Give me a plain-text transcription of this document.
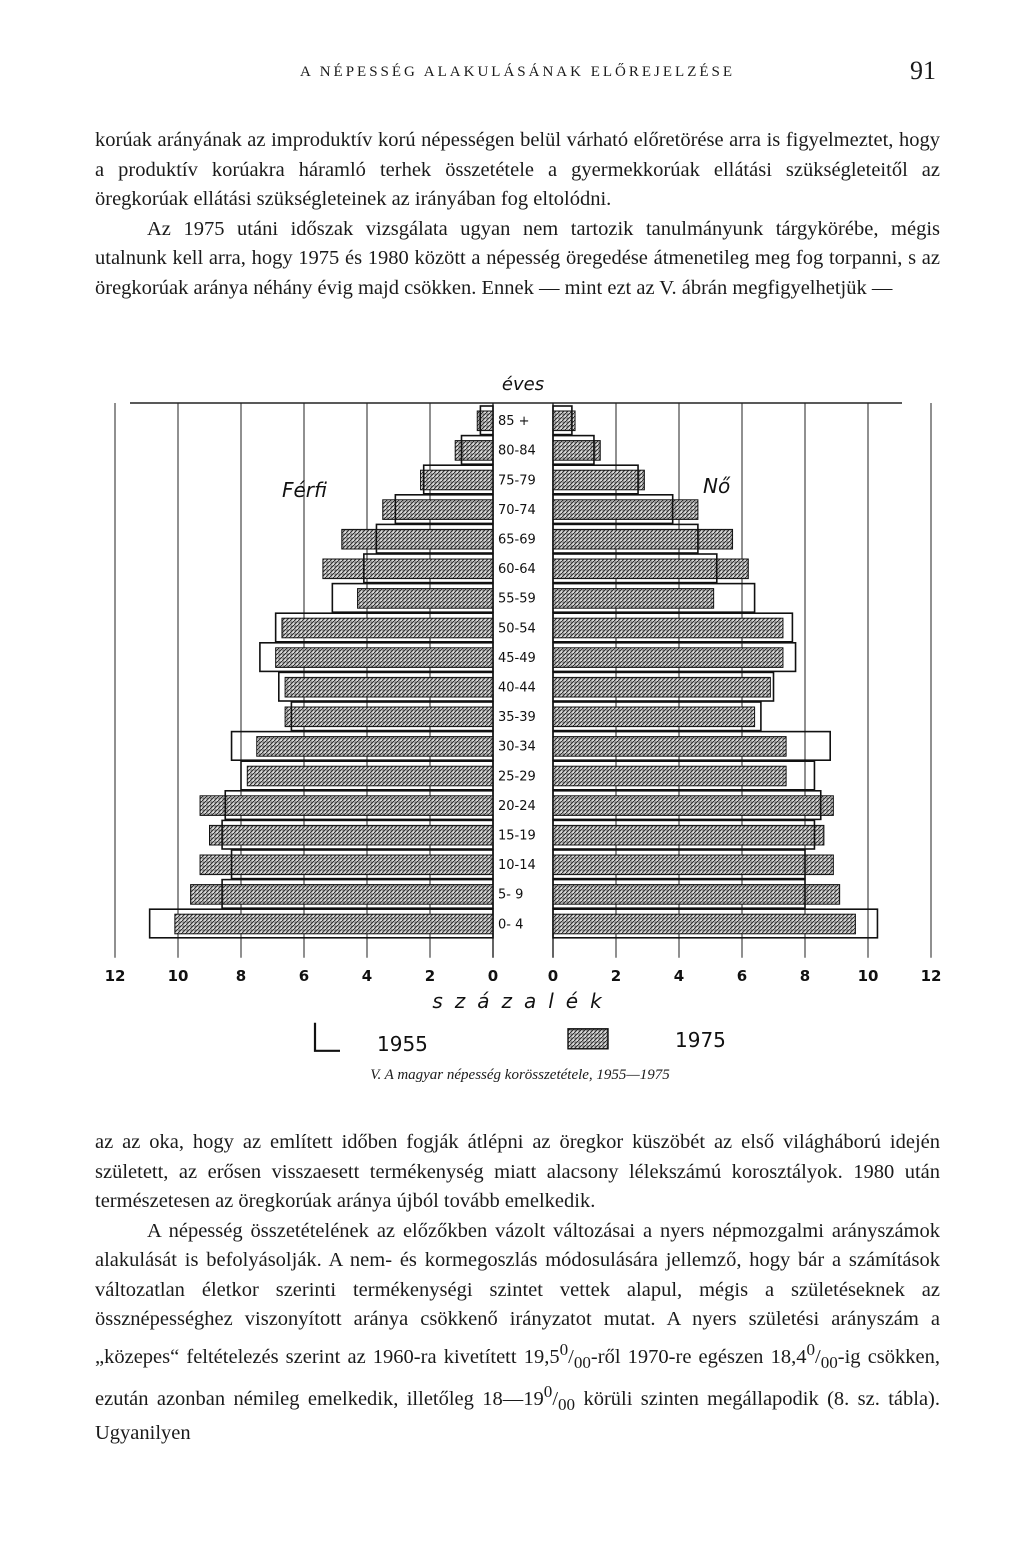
A NÉPESSÉG ALAKULÁSÁNAK ELŐREJELZÉSE	91

korúak arányának az improduktív korú népességen belül várható előretörése arra is figyelmeztet, hogy a produktív korúakra háramló terhek összetétele a gyermekkorúak ellátási szükségleteitől az öregkorúak ellátási szükségleteinek az irányában fog eltolódni.

Az 1975 utáni időszak vizsgálata ugyan nem tartozik tanulmányunk tárgykörébe, mégis utalnunk kell arra, hogy 1975 és 1980 között a népesség öregedése átmenetileg meg fog torpanni, s az öregkorúak aránya néhány évig majd csökken. Ennek — mint ezt az V. ábrán megfigyelhetjük —

85 +
80-84
75-79
70-74
65-69
60-64
55-59
50-54
45-49
40-44
35-39
30-34
25-29
20-24
15-19
10-14
5- 9
0- 4
éves
Férfi	Nő
12	10	8	6	4	2	0	0	2	4	6	8	10	12
százalék
1955	1975
V. A magyar népesség korösszetétele, 1955—1975

az az oka, hogy az említett időben fogják átlépni az öregkor küszöbét az első világháború idején született, az erősen visszaesett termékenység miatt alacsony lélekszámú korosztályok. 1980 után természetesen az öregkorúak aránya újból tovább emelkedik.

A népesség összetételének az előzőkben vázolt változásai a nyers népmozgalmi arányszámok alakulását is befolyásolják. A nem- és kormegoszlás módosulására jellemző, hogy bár a számítások változatlan életkor szerinti termékenységi szintet vettek alapul, mégis a születéseknek az össznépességhez viszonyított aránya csökkenő irányzatot mutat. A nyers születési arányszám a „közepes“ feltételezés szerint az 1960-ra kivetített $19,5^0/_{00}$-ről 1970-re egészen $18,4^0/_{00}-ig$ csökken, ezután azonban némileg emelkedik, illetőleg $18—19^0/_{00}$ körüli szinten megállapodik (8. sz. tábla). Ugyanilyen
